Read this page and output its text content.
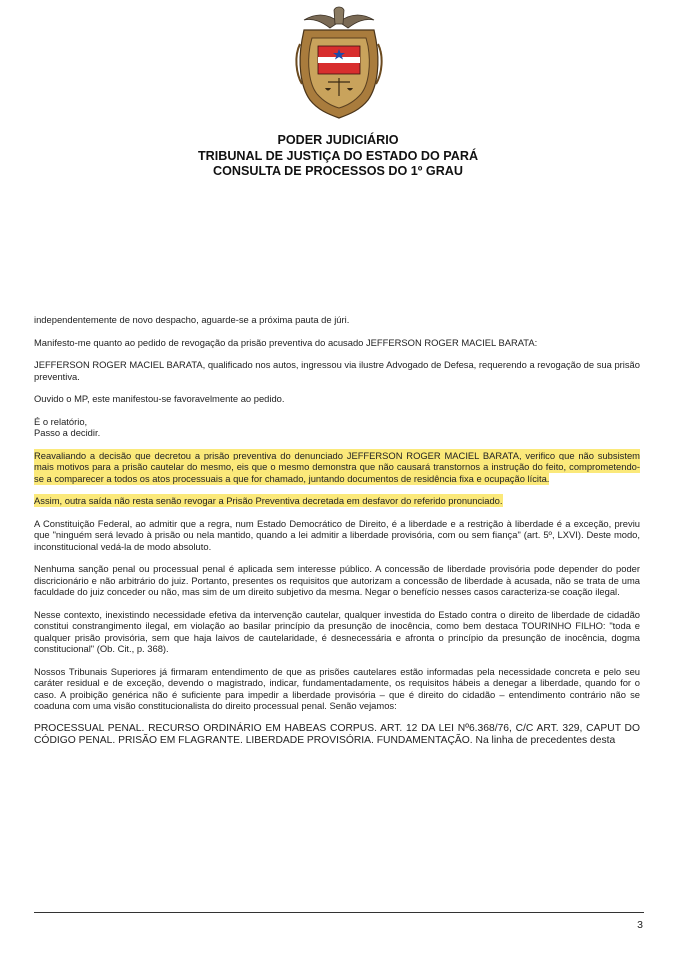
PODER JUDICIÁRIO
TRIBUNAL DE JUSTIÇA DO ESTADO DO PARÁ
CONSULTA DE PROCESSOS DO 1º GRAU

independentemente de novo despacho, aguarde-se a próxima pauta de júri.

Manifesto-me quanto ao pedido de revogação da prisão preventiva do acusado JEFFERSON ROGER MACIEL BARATA:

JEFFERSON ROGER MACIEL BARATA, qualificado nos autos, ingressou via ilustre Advogado de Defesa, requerendo a revogação de sua prisão preventiva.

Ouvido o MP, este manifestou-se favoravelmente ao pedido.

É o relatório,
Passo a decidir.

Reavaliando a decisão que decretou a prisão preventiva do denunciado JEFFERSON ROGER MACIEL BARATA, verifico que não subsistem mais motivos para a prisão cautelar do mesmo, eis que o mesmo demonstra que não causará transtornos a instrução do feito, comprometendo-se a comparecer a todos os atos processuais a que for chamado, juntando documentos de residência fixa e ocupação lícita.

Assim, outra saída não resta senão revogar a Prisão Preventiva decretada em desfavor do referido pronunciado.

A Constituição Federal, ao admitir que a regra, num Estado Democrático de Direito, é a liberdade e a restrição à liberdade é a exceção, previu que "ninguém será levado à prisão ou nela mantido, quando a lei admitir a liberdade provisória, com ou sem fiança" (art. 5º, LXVI). Deste modo, inconstitucional vedá-la de modo absoluto.

Nenhuma sanção penal ou processual penal é aplicada sem interesse público. A concessão de liberdade provisória pode depender do poder discricionário e não arbitrário do juiz. Portanto, presentes os requisitos que autorizam a concessão de liberdade à acusada, não se trata de uma faculdade do juiz conceder ou não, mas sim de um direito subjetivo da mesma. Negar o benefício nesses casos caracteriza-se coação ilegal.

Nesse contexto, inexistindo necessidade efetiva da intervenção cautelar, qualquer investida do Estado contra o direito de liberdade de cidadão constitui constrangimento ilegal, em violação ao basilar princípio da presunção de inocência, como bem destaca TOURINHO FILHO: "toda e qualquer prisão provisória, sem que haja laivos de cautelaridade, é desnecessária e afronta o princípio da presunção de inocência, dogma constitucional" (Ob. Cit., p. 368).

Nossos Tribunais Superiores já firmaram entendimento de que as prisões cautelares estão informadas pela necessidade concreta e pelo seu caráter residual e de exceção, devendo o magistrado, indicar, fundamentadamente, os requisitos hábeis a denegar a liberdade, quando for o caso. A proibição genérica não é suficiente para impedir a liberdade provisória – que é direito do cidadão – entendimento contrário não se coaduna com uma visão constitucionalista do direito processual penal. Senão vejamos:

PROCESSUAL PENAL. RECURSO ORDINÁRIO EM HABEAS CORPUS. ART. 12 DA LEI Nº6.368/76, C/C ART. 329, CAPUT DO CÓDIGO PENAL. PRISÃO EM FLAGRANTE. LIBERDADE PROVISÓRIA. FUNDAMENTAÇÃO. Na linha de precedentes desta

3
